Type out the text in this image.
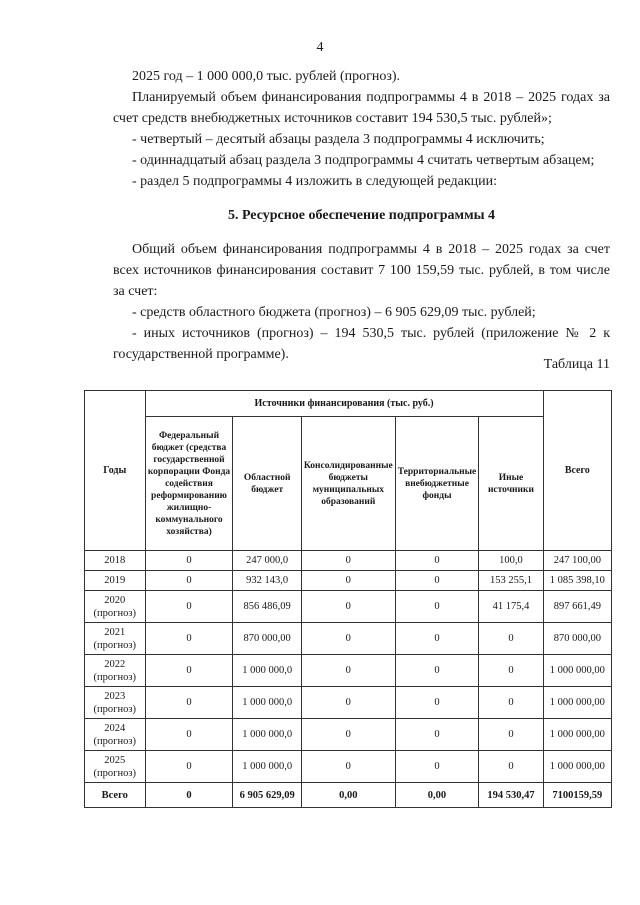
4

2025 год – 1 000 000,0 тыс. рублей (прогноз).

Планируемый объем финансирования подпрограммы 4 в 2018 – 2025 годах за счет средств внебюджетных источников составит 194 530,5 тыс. рублей»;

- четвертый – десятый абзацы раздела 3 подпрограммы 4 исключить;

- одиннадцатый абзац раздела 3 подпрограммы 4 считать четвертым абзацем;

- раздел 5 подпрограммы 4 изложить в следующей редакции:

5. Ресурсное обеспечение подпрограммы 4

Общий объем финансирования подпрограммы 4 в 2018 – 2025 годах за счет всех источников финансирования составит 7 100 159,59 тыс. рублей, в том числе за счет:

- средств областного бюджета (прогноз) – 6 905 629,09 тыс. рублей;

- иных источников (прогноз) – 194 530,5 тыс. рублей (приложение № 2 к государственной программе).

Таблица 11
Годы	Источники финансирования (тыс. руб.)					Всего
	Федеральный бюджет (средства государственной корпорации Фонда содействия реформированию жилищно-коммунального хозяйства)	Областной бюджет	Консолидированные бюджеты муниципальных образований	Территориальные внебюджетные фонды	Иные источники	
2018	0	247 000,0	0	0	100,0	247 100,00
2019	0	932 143,0	0	0	153 255,1	1 085 398,10
2020
(прогноз)	0	856 486,09	0	0	41 175,4	897 661,49
2021
(прогноз)	0	870 000,00	0	0	0	870 000,00
2022
(прогноз)	0	1 000 000,0	0	0	0	1 000 000,00
2023
(прогноз)	0	1 000 000,0	0	0	0	1 000 000,00
2024
(прогноз)	0	1 000 000,0	0	0	0	1 000 000,00
2025
(прогноз)	0	1 000 000,0	0	0	0	1 000 000,00
Всего	0	6 905 629,09	0,00	0,00	194 530,47	7100159,59
